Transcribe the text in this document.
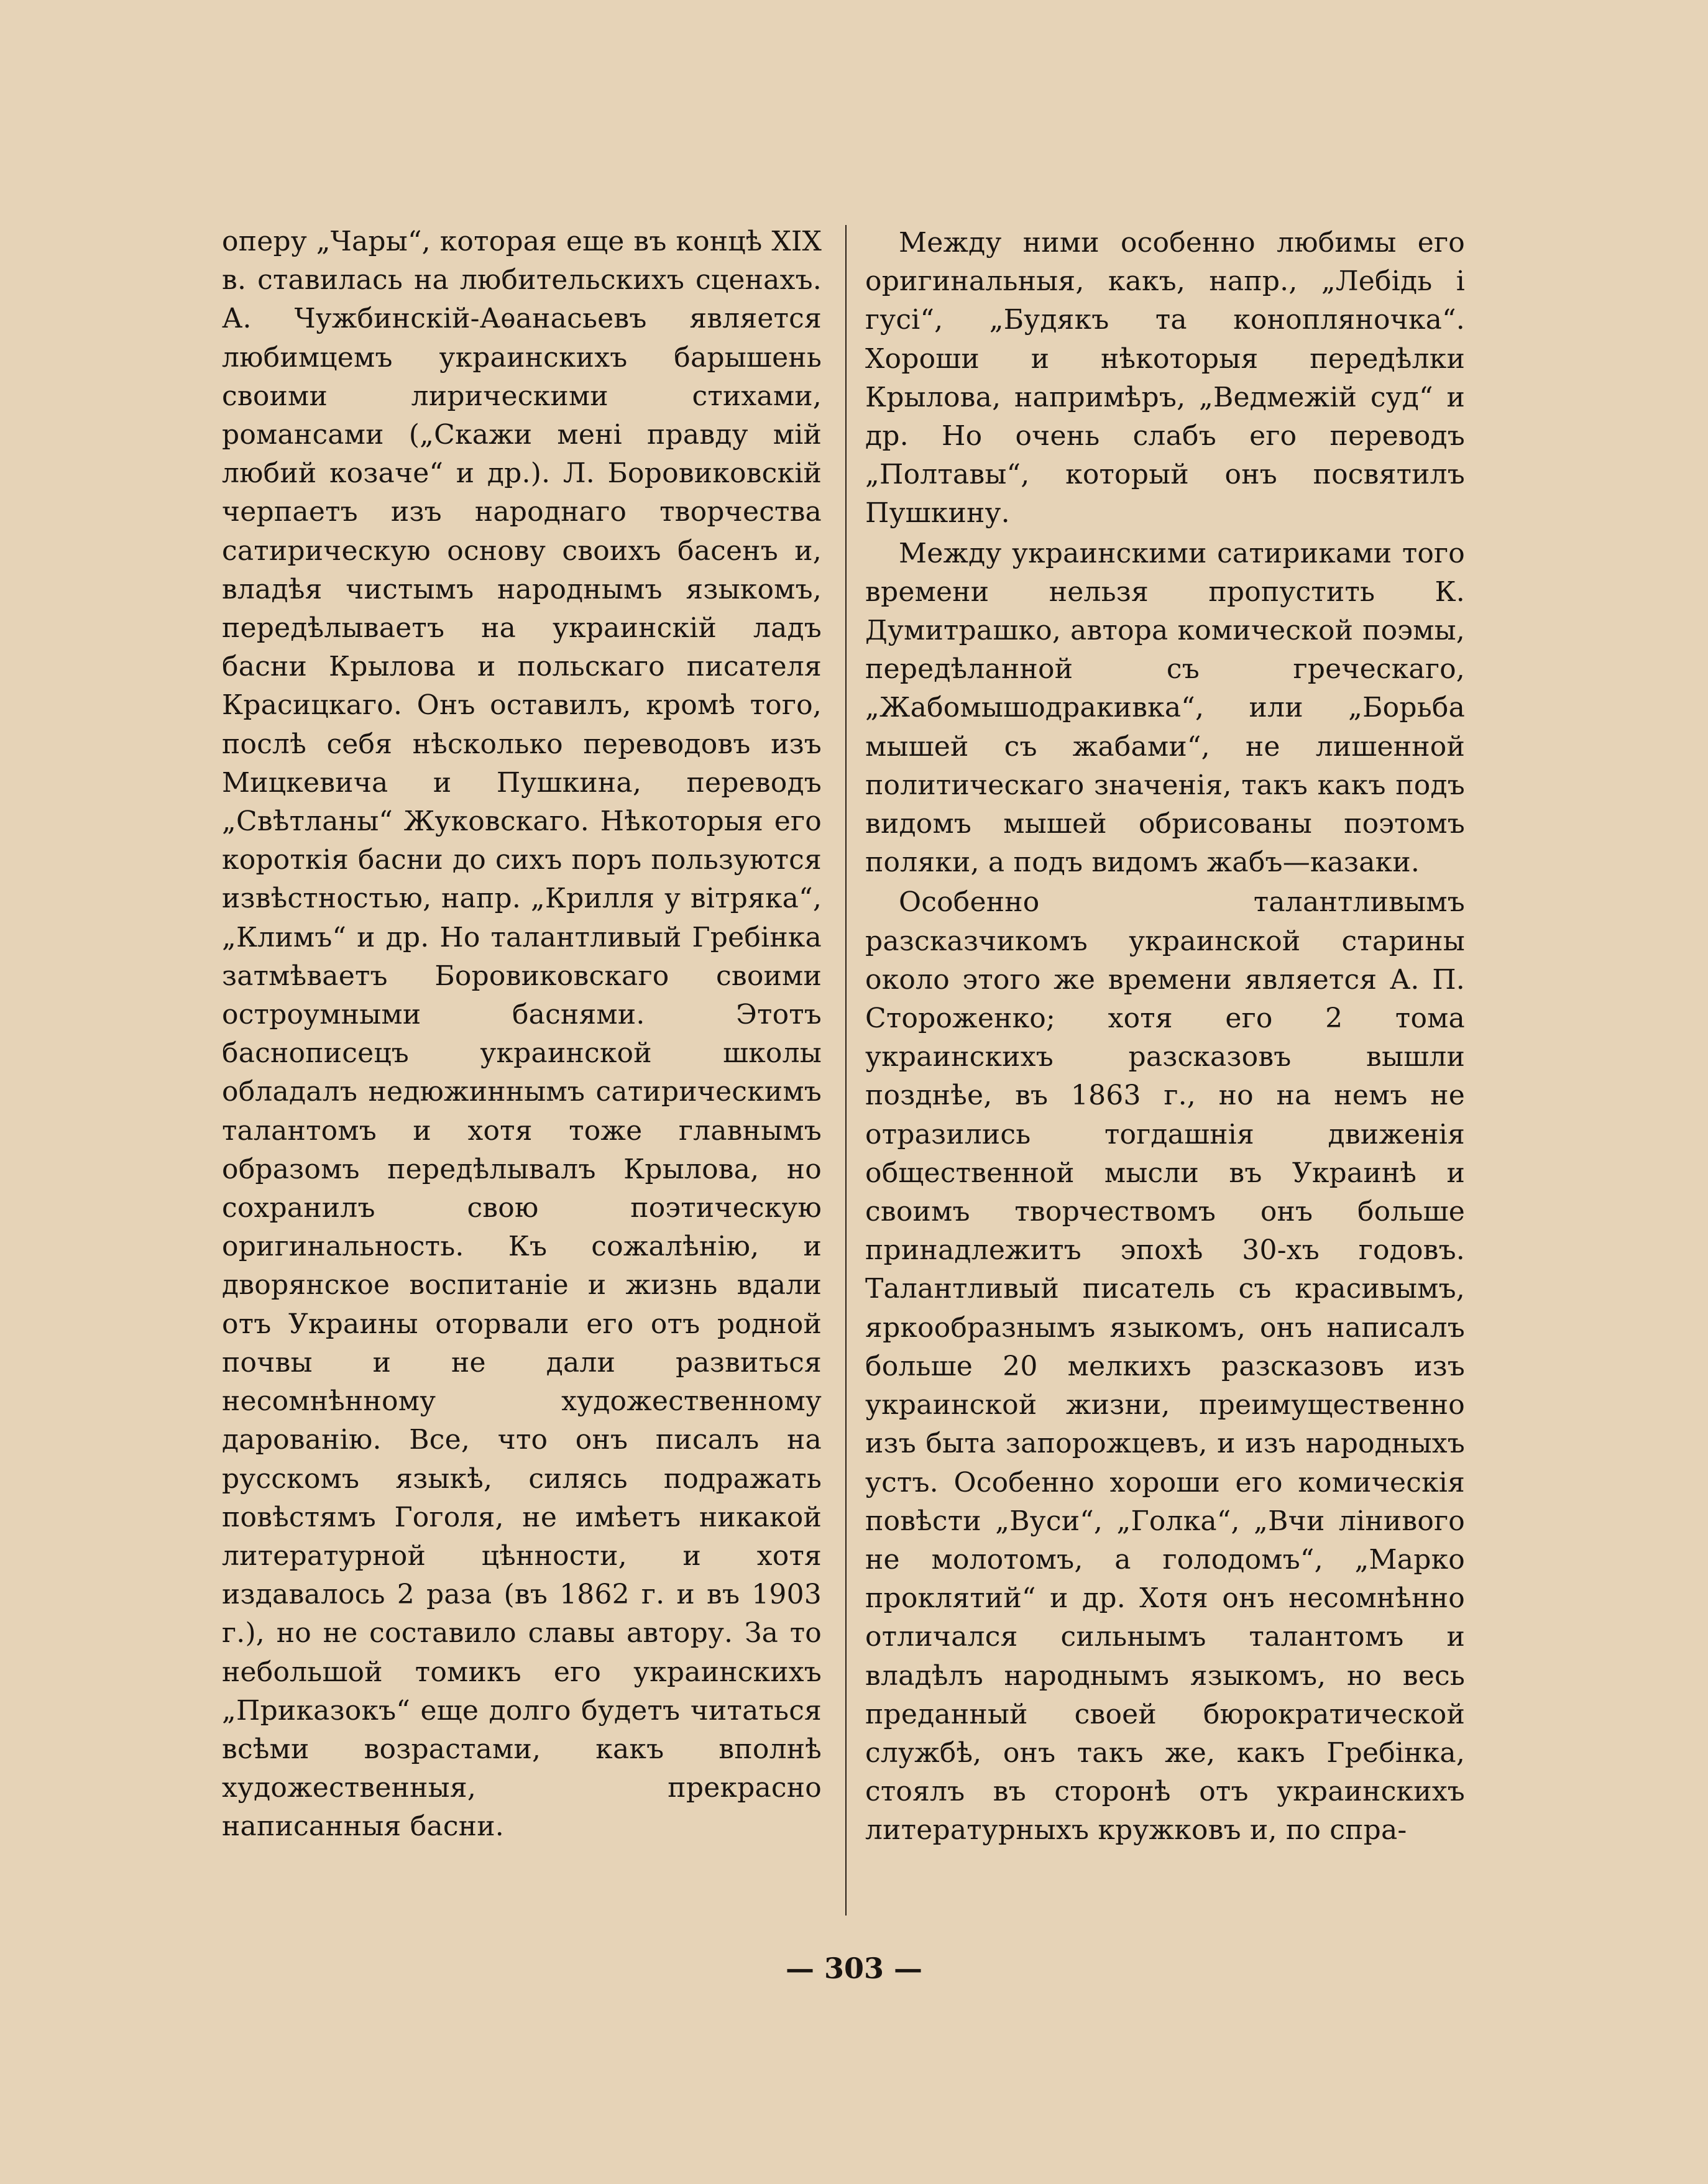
оперу „Чары“, которая еще въ концѣ XIX в. ставилась на любительскихъ сценахъ. А. Чужбинскій-Аѳанасьевъ является любимцемъ украинскихъ барышень своими лирическими стихами, романсами („Скажи мені правду мій любий козаче“ и др.). Л. Боровиковскій черпаетъ изъ народнаго творчества сатирическую основу своихъ басенъ и, владѣя чистымъ народнымъ языкомъ, передѣлываетъ на украинскій ладъ басни Крылова и польскаго писателя Красицкаго. Онъ оставилъ, кромѣ того, послѣ себя нѣсколько переводовъ изъ Мицкевича и Пушкина, переводъ „Свѣтланы“ Жуковскаго. Нѣкоторыя его короткія басни до сихъ поръ пользуются извѣстностью, напр. „Крилля у вітряка“, „Климъ“ и др. Но талантливый Гребінка затмѣваетъ Боровиковскаго своими остроумными баснями. Этотъ баснописецъ украинской школы обладалъ недюжиннымъ сатирическимъ талантомъ и хотя тоже главнымъ образомъ передѣлывалъ Крылова, но сохранилъ свою поэтическую оригинальность. Къ сожалѣнію, и дворянское воспитаніе и жизнь вдали отъ Украины оторвали его отъ родной почвы и не дали развиться несомнѣнному художественному дарованію. Все, что онъ писалъ на русскомъ языкѣ, силясь подражать повѣстямъ Гоголя, не имѣетъ никакой литературной цѣнности, и хотя издавалось 2 раза (въ 1862 г. и въ 1903 г.), но не составило славы автору. За то небольшой томикъ его украинскихъ „Приказокъ“ еще долго будетъ читаться всѣми возрастами, какъ вполнѣ художественныя, прекрасно написанныя басни.

Между ними особенно любимы его оригинальныя, какъ, напр., „Лебідь і гусі“, „Будякъ та конопляночка“. Хороши и нѣкоторыя передѣлки Крылова, напримѣръ, „Ведмежій суд“ и др. Но очень слабъ его переводъ „Полтавы“, который онъ посвятилъ Пушкину.

Между украинскими сатириками того времени нельзя пропустить К. Думитрашко, автора комической поэмы, передѣланной съ греческаго, „Жабомышодракивка“, или „Борьба мышей съ жабами“, не лишенной политическаго значенія, такъ какъ подъ видомъ мышей обрисованы поэтомъ поляки, а подъ видомъ жабъ—казаки.

Особенно талантливымъ разсказчикомъ украинской старины около этого же времени является А. П. Стороженко; хотя его 2 тома украинскихъ разсказовъ вышли позднѣе, въ 1863 г., но на немъ не отразились тогдашнія движенія общественной мысли въ Украинѣ и своимъ творчествомъ онъ больше принадлежитъ эпохѣ 30-хъ годовъ. Талантливый писатель съ красивымъ, яркообразнымъ языкомъ, онъ написалъ больше 20 мелкихъ разсказовъ изъ украинской жизни, преимущественно изъ быта запорожцевъ, и изъ народныхъ устъ. Особенно хороши его комическія повѣсти „Вуси“, „Голка“, „Вчи лінивого не молотомъ, а голодомъ“, „Марко проклятий“ и др. Хотя онъ несомнѣнно отличался сильнымъ талантомъ и владѣлъ народнымъ языкомъ, но весь преданный своей бюрократической службѣ, онъ такъ же, какъ Гребінка, стоялъ въ сторонѣ отъ украинскихъ литературныхъ кружковъ и, по спра-

— 303 —
